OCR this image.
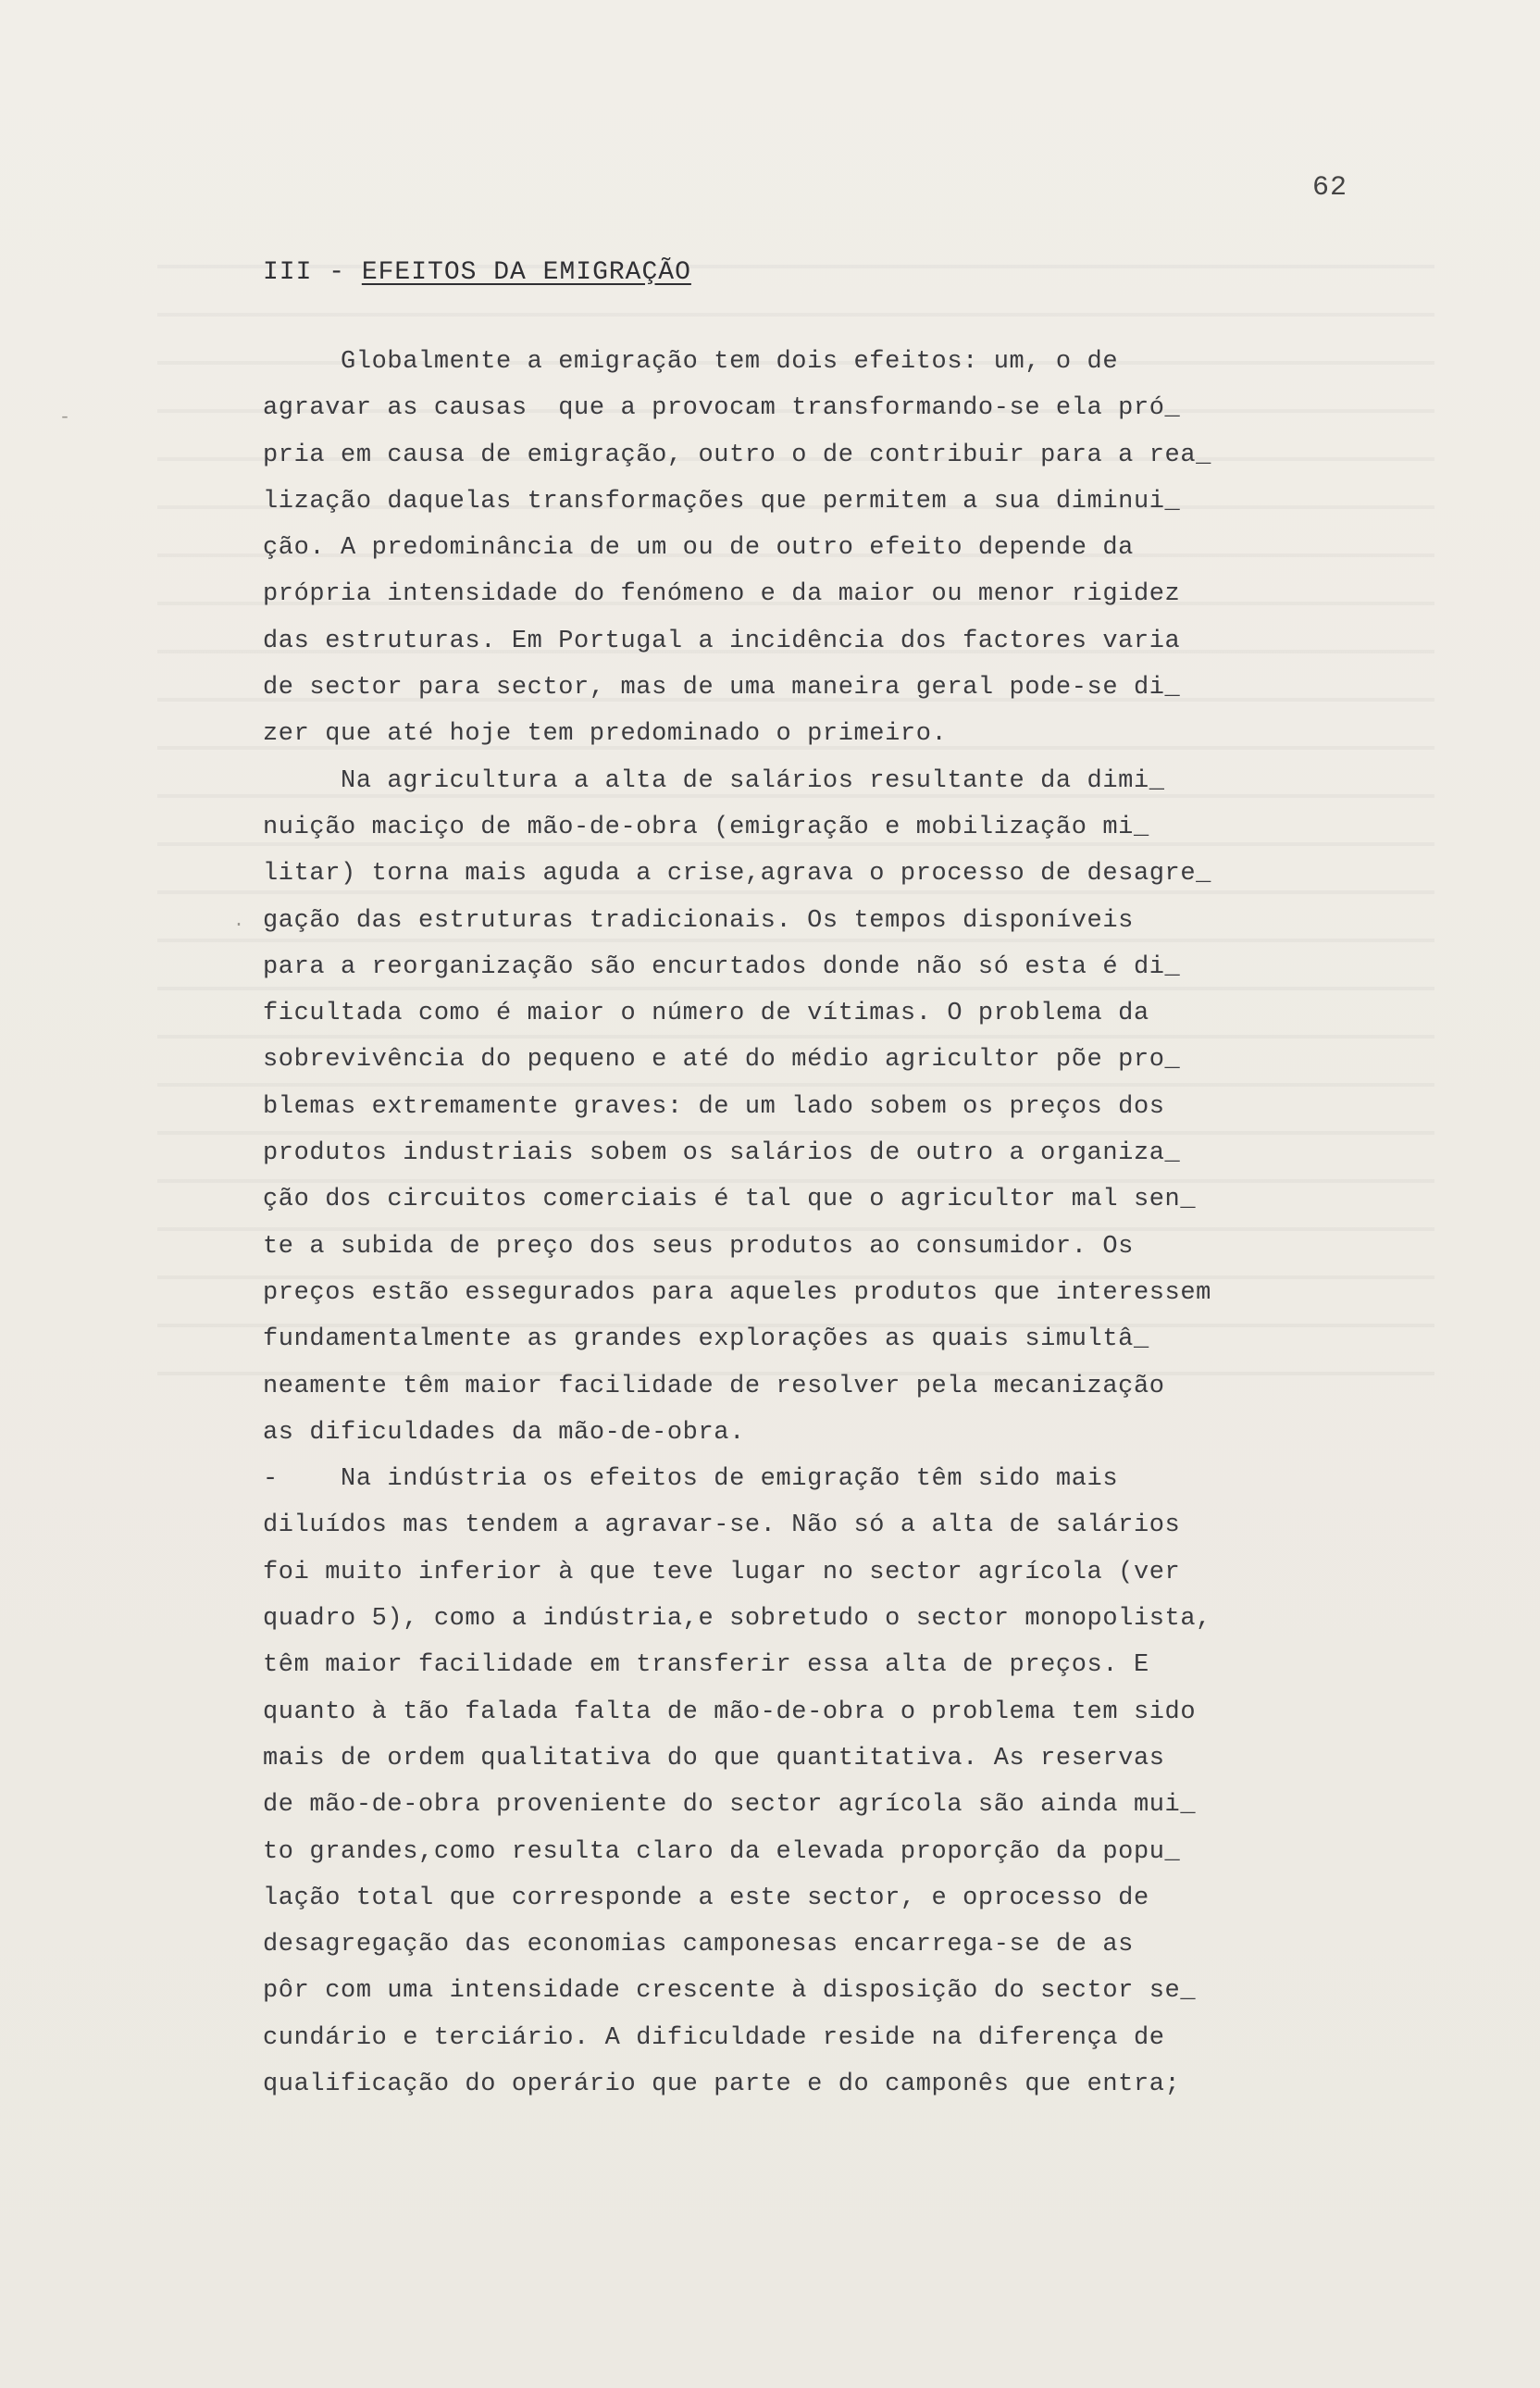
62
III - EFEITOS DA EMIGRAÇÃO
Globalmente a emigração tem dois efeitos: um, o de
agravar as causas  que a provocam transformando-se ela pró_
pria em causa de emigração, outro o de contribuir para a rea_
lização daquelas transformações que permitem a sua diminui_
ção. A predominância de um ou de outro efeito depende da
própria intensidade do fenómeno e da maior ou menor rigidez
das estruturas. Em Portugal a incidência dos factores varia
de sector para sector, mas de uma maneira geral pode-se di_
zer que até hoje tem predominado o primeiro.
Na agricultura a alta de salários resultante da dimi_
nuição maciço de mão-de-obra (emigração e mobilização mi_
litar) torna mais aguda a crise,agrava o processo de desagre_
gação das estruturas tradicionais. Os tempos disponíveis
para a reorganização são encurtados donde não só esta é di_
ficultada como é maior o número de vítimas. O problema da
sobrevivência do pequeno e até do médio agricultor põe pro_
blemas extremamente graves: de um lado sobem os preços dos
produtos industriais sobem os salários de outro a organiza_
ção dos circuitos comerciais é tal que o agricultor mal sen_
te a subida de preço dos seus produtos ao consumidor. Os
preços estão essegurados para aqueles produtos que interessem
fundamentalmente as grandes explorações as quais simultâ_
neamente têm maior facilidade de resolver pela mecanização
as dificuldades da mão-de-obra.
-    Na indústria os efeitos de emigração têm sido mais
diluídos mas tendem a agravar-se. Não só a alta de salários
foi muito inferior à que teve lugar no sector agrícola (ver
quadro 5), como a indústria,e sobretudo o sector monopolista,
têm maior facilidade em transferir essa alta de preços. E
quanto à tão falada falta de mão-de-obra o problema tem sido
mais de ordem qualitativa do que quantitativa. As reservas
de mão-de-obra proveniente do sector agrícola são ainda mui_
to grandes,como resulta claro da elevada proporção da popu_
lação total que corresponde a este sector, e oprocesso de
desagregação das economias camponesas encarrega-se de as
pôr com uma intensidade crescente à disposição do sector se_
cundário e terciário. A dificuldade reside na diferença de
qualificação do operário que parte e do camponês que entra;
-
·
